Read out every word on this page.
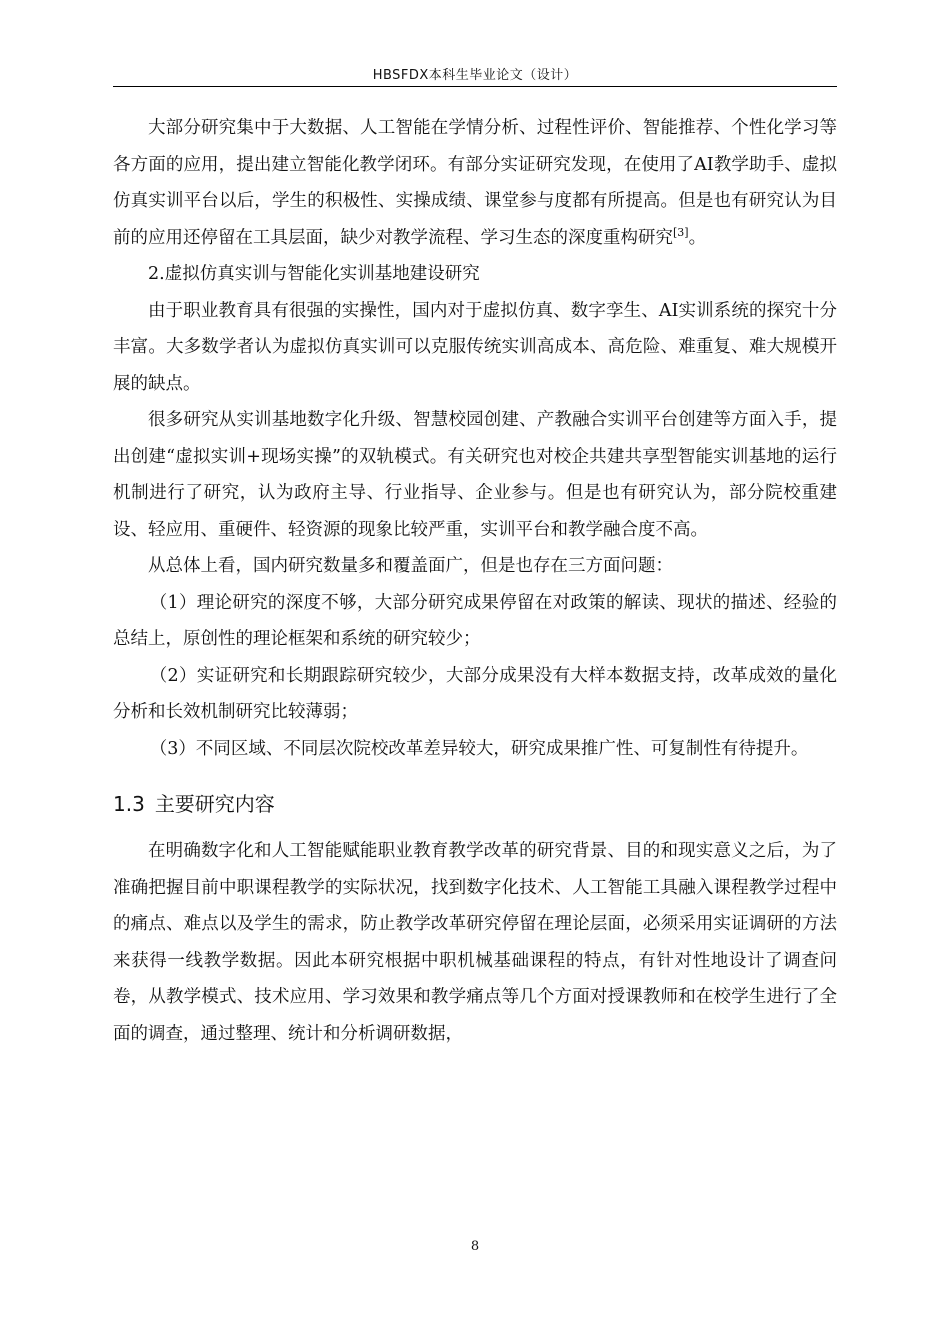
HBSFDX本科生毕业论文（设计）

大部分研究集中于大数据、人工智能在学情分析、过程性评价、智能推荐、个性化学习等各方面的应用，提出建立智能化教学闭环。有部分实证研究发现，在使用了AI教学助手、虚拟仿真实训平台以后，学生的积极性、实操成绩、课堂参与度都有所提高。但是也有研究认为目前的应用还停留在工具层面，缺少对教学流程、学习生态的深度重构研究[3]。

2.虚拟仿真实训与智能化实训基地建设研究

由于职业教育具有很强的实操性，国内对于虚拟仿真、数字孪生、AI实训系统的探究十分丰富。大多数学者认为虚拟仿真实训可以克服传统实训高成本、高危险、难重复、难大规模开展的缺点。

很多研究从实训基地数字化升级、智慧校园创建、产教融合实训平台创建等方面入手，提出创建“虚拟实训+现场实操”的双轨模式。有关研究也对校企共建共享型智能实训基地的运行机制进行了研究，认为政府主导、行业指导、企业参与。但是也有研究认为，部分院校重建设、轻应用、重硬件、轻资源的现象比较严重，实训平台和教学融合度不高。

从总体上看，国内研究数量多和覆盖面广，但是也存在三方面问题：

（1）理论研究的深度不够，大部分研究成果停留在对政策的解读、现状的描述、经验的总结上，原创性的理论框架和系统的研究较少；

（2）实证研究和长期跟踪研究较少，大部分成果没有大样本数据支持，改革成效的量化分析和长效机制研究比较薄弱；

（3）不同区域、不同层次院校改革差异较大，研究成果推广性、可复制性有待提升。

1.3 主要研究内容

在明确数字化和人工智能赋能职业教育教学改革的研究背景、目的和现实意义之后，为了准确把握目前中职课程教学的实际状况，找到数字化技术、人工智能工具融入课程教学过程中的痛点、难点以及学生的需求，防止教学改革研究停留在理论层面，必须采用实证调研的方法来获得一线教学数据。因此本研究根据中职机械基础课程的特点，有针对性地设计了调查问卷，从教学模式、技术应用、学习效果和教学痛点等几个方面对授课教师和在校学生进行了全面的调查，通过整理、统计和分析调研数据，

8
